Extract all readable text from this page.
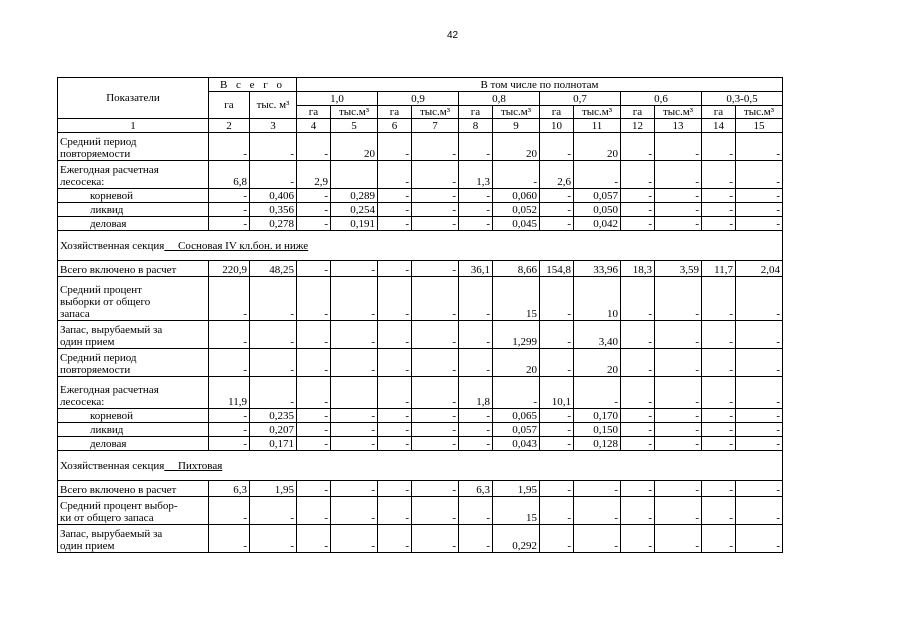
42
Показатели	В с е г о		В том числе по полнотам											
	га	тыс. м³	1,0		0,9		0,8		0,7		0,6		0,3-0,5	
			га	тыс.м³	га	тыс.м³	га	тыс.м³	га	тыс.м³	га	тыс.м³	га	тыс.м³
1	2	3	4	5	6	7	8	9	10	11	12	13	14	15
Средний период
повторяемости	-	-	-	20	-	-	-	20	-	20	-	-	-	-
Ежегодная расчетная
лесосека:	6,8	-	2,9		-	-	1,3	-	2,6	-	-	-	-	-
корневой	-	0,406	-	0,289	-	-	-	0,060	-	0,057	-	-	-	-
ликвид	-	0,356	-	0,254	-	-	-	0,052	-	0,050	-	-	-	-
деловая	-	0,278	-	0,191	-	-	-	0,045	-	0,042	-	-	-	-
Хозяйственная секция Сосновая IV кл.бон. и ниже														
Всего включено в расчет	220,9	48,25	-	-	-	-	36,1	8,66	154,8	33,96	18,3	3,59	11,7	2,04
Средний процент
выборки от общего
запаса	-	-	-	-	-	-	-	15	-	10	-	-	-	-
Запас, вырубаемый за
один прием	-	-	-	-	-	-	-	1,299	-	3,40	-	-	-	-
Средний период
повторяемости	-	-	-	-	-	-	-	20	-	20	-	-	-	-
Ежегодная расчетная
лесосека:	11,9	-	-		-	-	1,8	-	10,1	-	-	-	-	-
корневой	-	0,235	-	-	-	-	-	0,065	-	0,170	-	-	-	-
ликвид	-	0,207	-	-	-	-	-	0,057	-	0,150	-	-	-	-
деловая	-	0,171	-	-	-	-	-	0,043	-	0,128	-	-	-	-
Хозяйственная секция Пихтовая														
Всего включено в расчет	6,3	1,95	-	-	-	-	6,3	1,95	-	-	-	-	-	-
Средний процент выбор-
ки от общего запаса	-	-	-	-	-	-	-	15	-	-	-	-	-	-
Запас, вырубаемый за
один прием	-	-	-	-	-	-	-	0,292	-	-	-	-	-	-
